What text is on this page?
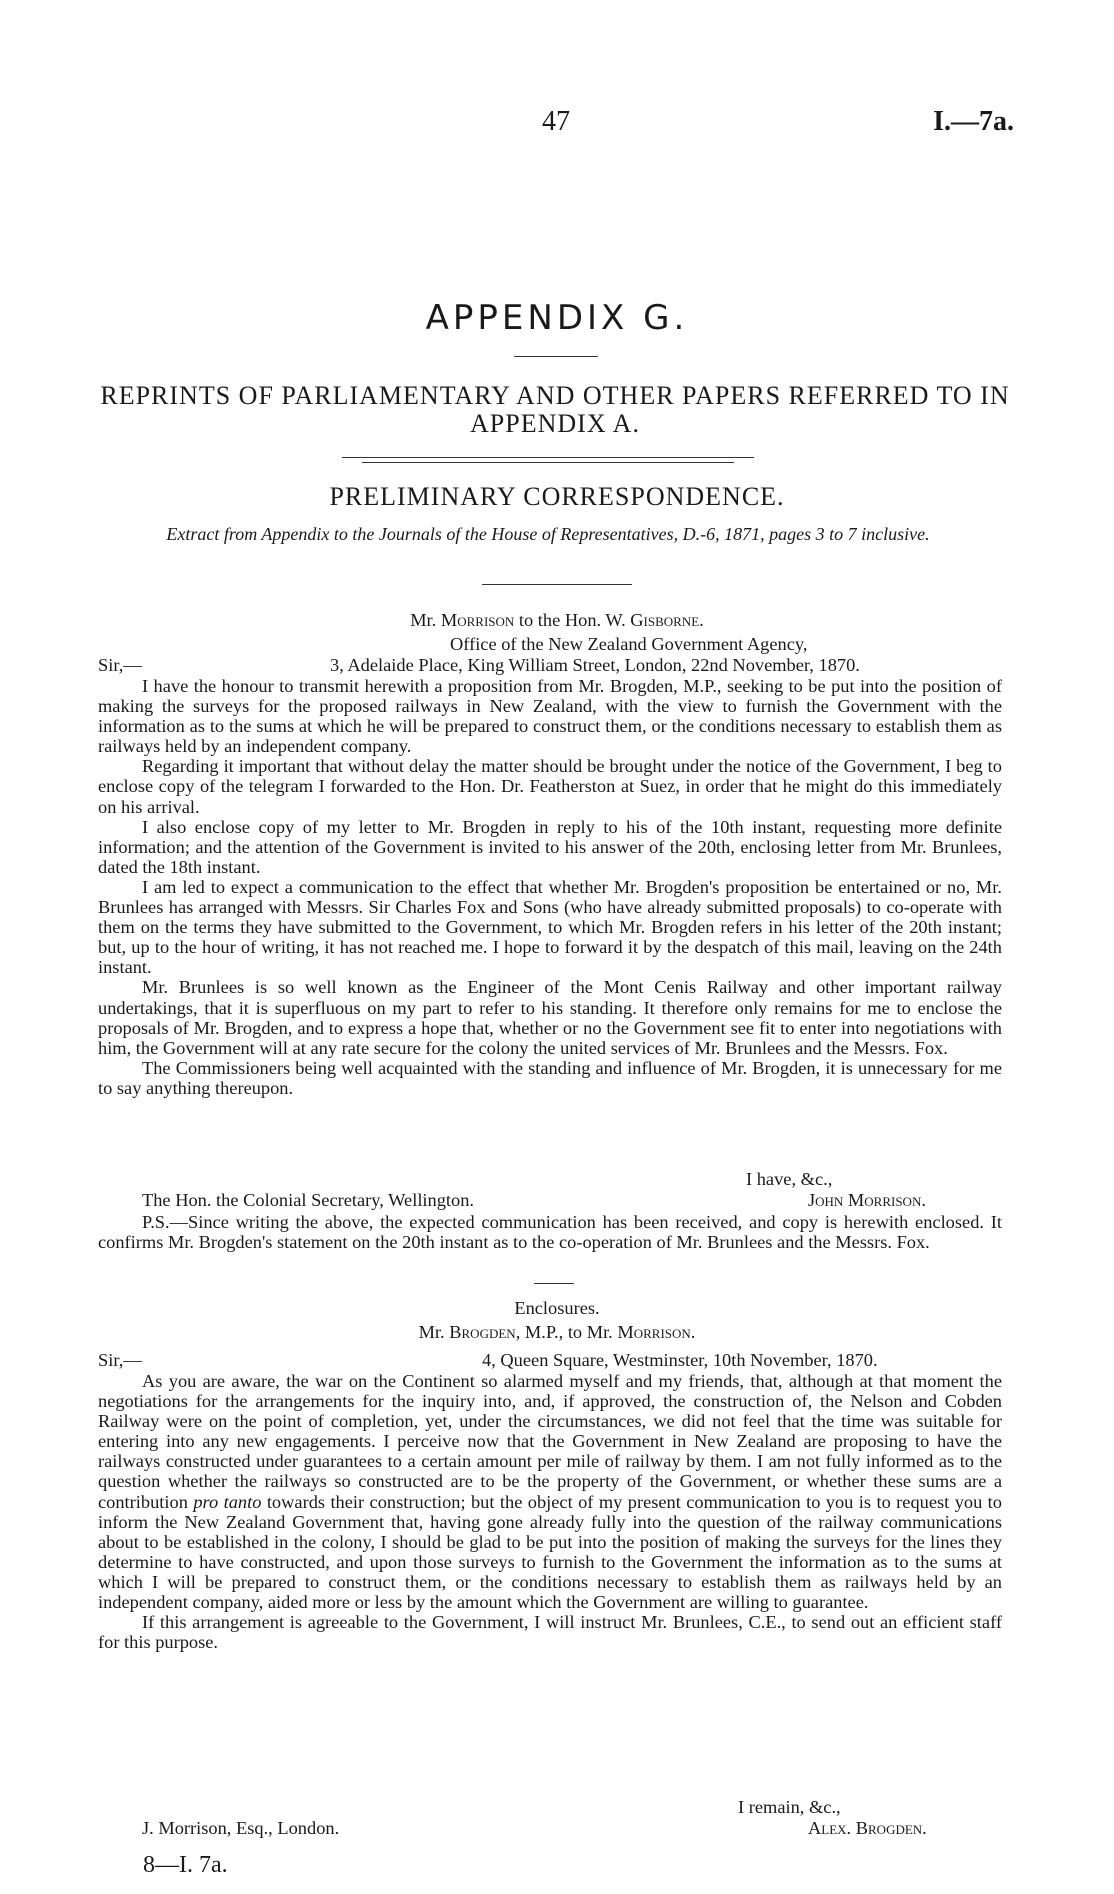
47	I.—7a.
APPENDIX G.
REPRINTS OF PARLIAMENTARY AND OTHER PAPERS REFERRED TO IN APPENDIX A.
PRELIMINARY CORRESPONDENCE.
Extract from Appendix to the Journals of the House of Representatives, D.-6, 1871, pages 3 to 7 inclusive.
Mr. Morrison to the Hon. W. Gisborne.
Office of the New Zealand Government Agency,
Sir,—	3, Adelaide Place, King William Street, London, 22nd November, 1870.
I have the honour to transmit herewith a proposition from Mr. Brogden, M.P., seeking to be put into the position of making the surveys for the proposed railways in New Zealand, with the view to furnish the Government with the information as to the sums at which he will be prepared to construct them, or the conditions necessary to establish them as railways held by an independent company.
Regarding it important that without delay the matter should be brought under the notice of the Government, I beg to enclose copy of the telegram I forwarded to the Hon. Dr. Featherston at Suez, in order that he might do this immediately on his arrival.
I also enclose copy of my letter to Mr. Brogden in reply to his of the 10th instant, requesting more definite information; and the attention of the Government is invited to his answer of the 20th, enclosing letter from Mr. Brunlees, dated the 18th instant.
I am led to expect a communication to the effect that whether Mr. Brogden's proposition be entertained or no, Mr. Brunlees has arranged with Messrs. Sir Charles Fox and Sons (who have already submitted proposals) to co-operate with them on the terms they have submitted to the Government, to which Mr. Brogden refers in his letter of the 20th instant; but, up to the hour of writing, it has not reached me. I hope to forward it by the despatch of this mail, leaving on the 24th instant.
Mr. Brunlees is so well known as the Engineer of the Mont Cenis Railway and other important railway undertakings, that it is superfluous on my part to refer to his standing. It therefore only remains for me to enclose the proposals of Mr. Brogden, and to express a hope that, whether or no the Government see fit to enter into negotiations with him, the Government will at any rate secure for the colony the united services of Mr. Brunlees and the Messrs. Fox.
The Commissioners being well acquainted with the standing and influence of Mr. Brogden, it is unnecessary for me to say anything thereupon.
I have, &c.,
The Hon. the Colonial Secretary, Wellington.	John Morrison.
P.S.—Since writing the above, the expected communication has been received, and copy is herewith enclosed. It confirms Mr. Brogden's statement on the 20th instant as to the co-operation of Mr. Brunlees and the Messrs. Fox.
Enclosures.
Mr. Brogden, M.P., to Mr. Morrison.
Sir,—	4, Queen Square, Westminster, 10th November, 1870.
As you are aware, the war on the Continent so alarmed myself and my friends, that, although at that moment the negotiations for the arrangements for the inquiry into, and, if approved, the construction of, the Nelson and Cobden Railway were on the point of completion, yet, under the circumstances, we did not feel that the time was suitable for entering into any new engagements. I perceive now that the Government in New Zealand are proposing to have the railways constructed under guarantees to a certain amount per mile of railway by them. I am not fully informed as to the question whether the railways so constructed are to be the property of the Government, or whether these sums are a contribution pro tanto towards their construction; but the object of my present communication to you is to request you to inform the New Zealand Government that, having gone already fully into the question of the railway communications about to be established in the colony, I should be glad to be put into the position of making the surveys for the lines they determine to have constructed, and upon those surveys to furnish to the Government the information as to the sums at which I will be prepared to construct them, or the conditions necessary to establish them as railways held by an independent company, aided more or less by the amount which the Government are willing to guarantee.
If this arrangement is agreeable to the Government, I will instruct Mr. Brunlees, C.E., to send out an efficient staff for this purpose.
I remain, &c.,
J. Morrison, Esq., London.	Alex. Brogden.
8—I. 7a.
